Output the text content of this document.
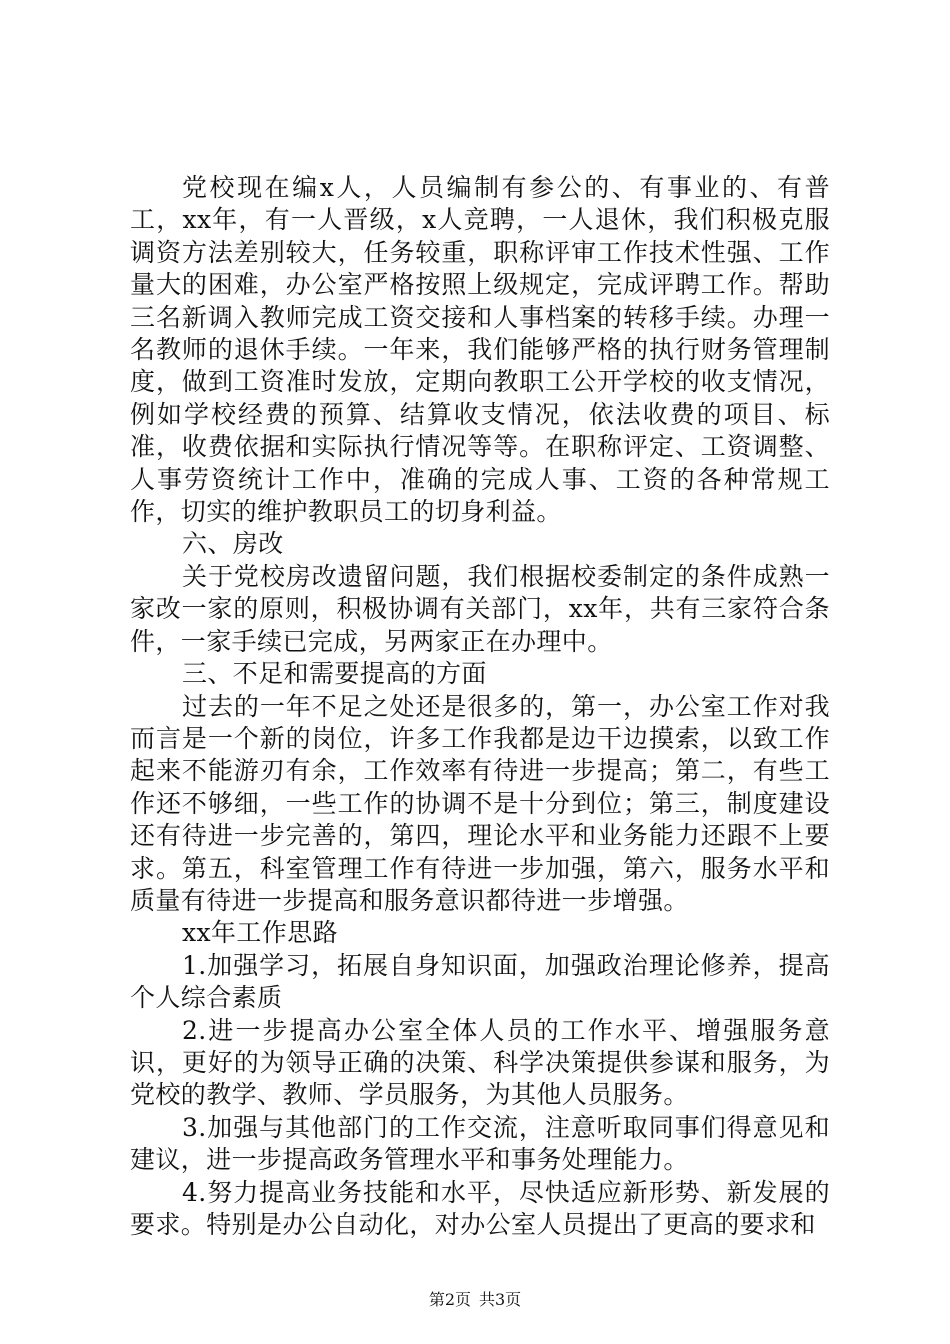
党校现在编x人，人员编制有参公的、有事业的、有普工，xx年，有一人晋级，x人竞聘，一人退休，我们积极克服调资方法差别较大，任务较重，职称评审工作技术性强、工作量大的困难，办公室严格按照上级规定，完成评聘工作。帮助三名新调入教师完成工资交接和人事档案的转移手续。办理一名教师的退休手续。一年来，我们能够严格的执行财务管理制度，做到工资准时发放，定期向教职工公开学校的收支情况，例如学校经费的预算、结算收支情况，依法收费的项目、标准，收费依据和实际执行情况等等。在职称评定、工资调整、人事劳资统计工作中，准确的完成人事、工资的各种常规工作，切实的维护教职员工的切身利益。

六、房改

关于党校房改遗留问题，我们根据校委制定的条件成熟一家改一家的原则，积极协调有关部门，xx年，共有三家符合条件，一家手续已完成，另两家正在办理中。

三、不足和需要提高的方面

过去的一年不足之处还是很多的，第一，办公室工作对我而言是一个新的岗位，许多工作我都是边干边摸索，以致工作起来不能游刃有余，工作效率有待进一步提高；第二，有些工作还不够细，一些工作的协调不是十分到位；第三，制度建设还有待进一步完善的，第四，理论水平和业务能力还跟不上要求。第五，科室管理工作有待进一步加强，第六，服务水平和质量有待进一步提高和服务意识都待进一步增强。

xx年工作思路

1.加强学习，拓展自身知识面，加强政治理论修养，提高个人综合素质

2.进一步提高办公室全体人员的工作水平、增强服务意识，更好的为领导正确的决策、科学决策提供参谋和服务，为党校的教学、教师、学员服务，为其他人员服务。

3.加强与其他部门的工作交流，注意听取同事们得意见和建议，进一步提高政务管理水平和事务处理能力。

4.努力提高业务技能和水平，尽快适应新形势、新发展的要求。特别是办公自动化，对办公室人员提出了更高的要求和

第2页 共3页
